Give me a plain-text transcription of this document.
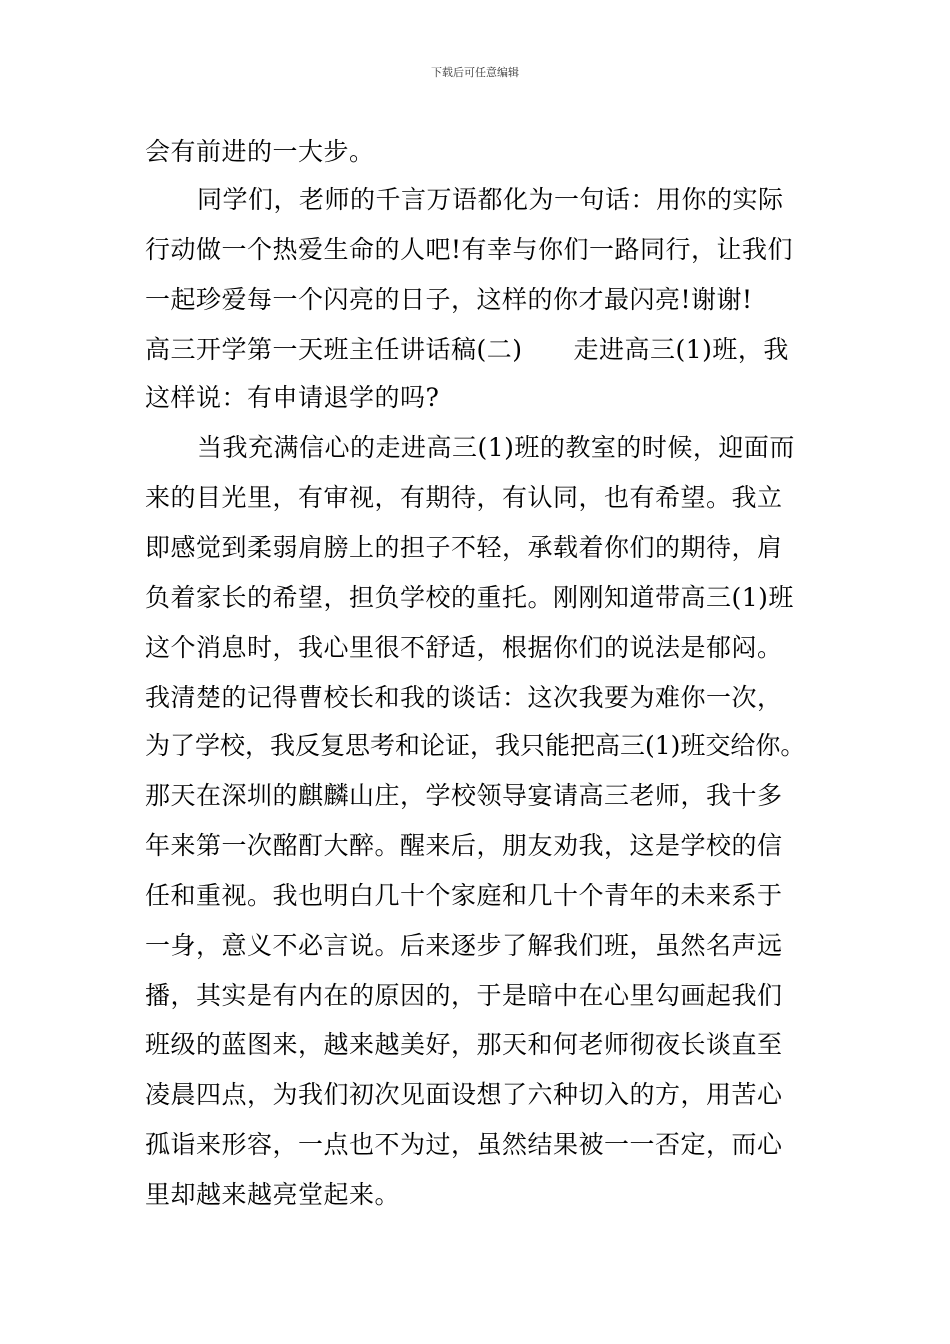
下载后可任意编辑
会有前进的一大步。
同学们，老师的千言万语都化为一句话：用你的实际
行动做一个热爱生命的人吧!有幸与你们一路同行，让我们
一起珍爱每一个闪亮的日子，这样的你才最闪亮!谢谢!
高三开学第一天班主任讲话稿(二)　　走进高三(1)班，我
这样说：有申请退学的吗?
当我充满信心的走进高三(1)班的教室的时候，迎面而
来的目光里，有审视，有期待，有认同，也有希望。我立
即感觉到柔弱肩膀上的担子不轻，承载着你们的期待，肩
负着家长的希望，担负学校的重托。刚刚知道带高三(1)班
这个消息时，我心里很不舒适，根据你们的说法是郁闷。
我清楚的记得曹校长和我的谈话：这次我要为难你一次，
为了学校，我反复思考和论证，我只能把高三(1)班交给你。
那天在深圳的麒麟山庄，学校领导宴请高三老师，我十多
年来第一次酩酊大醉。醒来后，朋友劝我，这是学校的信
任和重视。我也明白几十个家庭和几十个青年的未来系于
一身，意义不必言说。后来逐步了解我们班，虽然名声远
播，其实是有内在的原因的，于是暗中在心里勾画起我们
班级的蓝图来，越来越美好，那天和何老师彻夜长谈直至
凌晨四点，为我们初次见面设想了六种切入的方，用苦心
孤诣来形容，一点也不为过，虽然结果被一一否定，而心
里却越来越亮堂起来。
